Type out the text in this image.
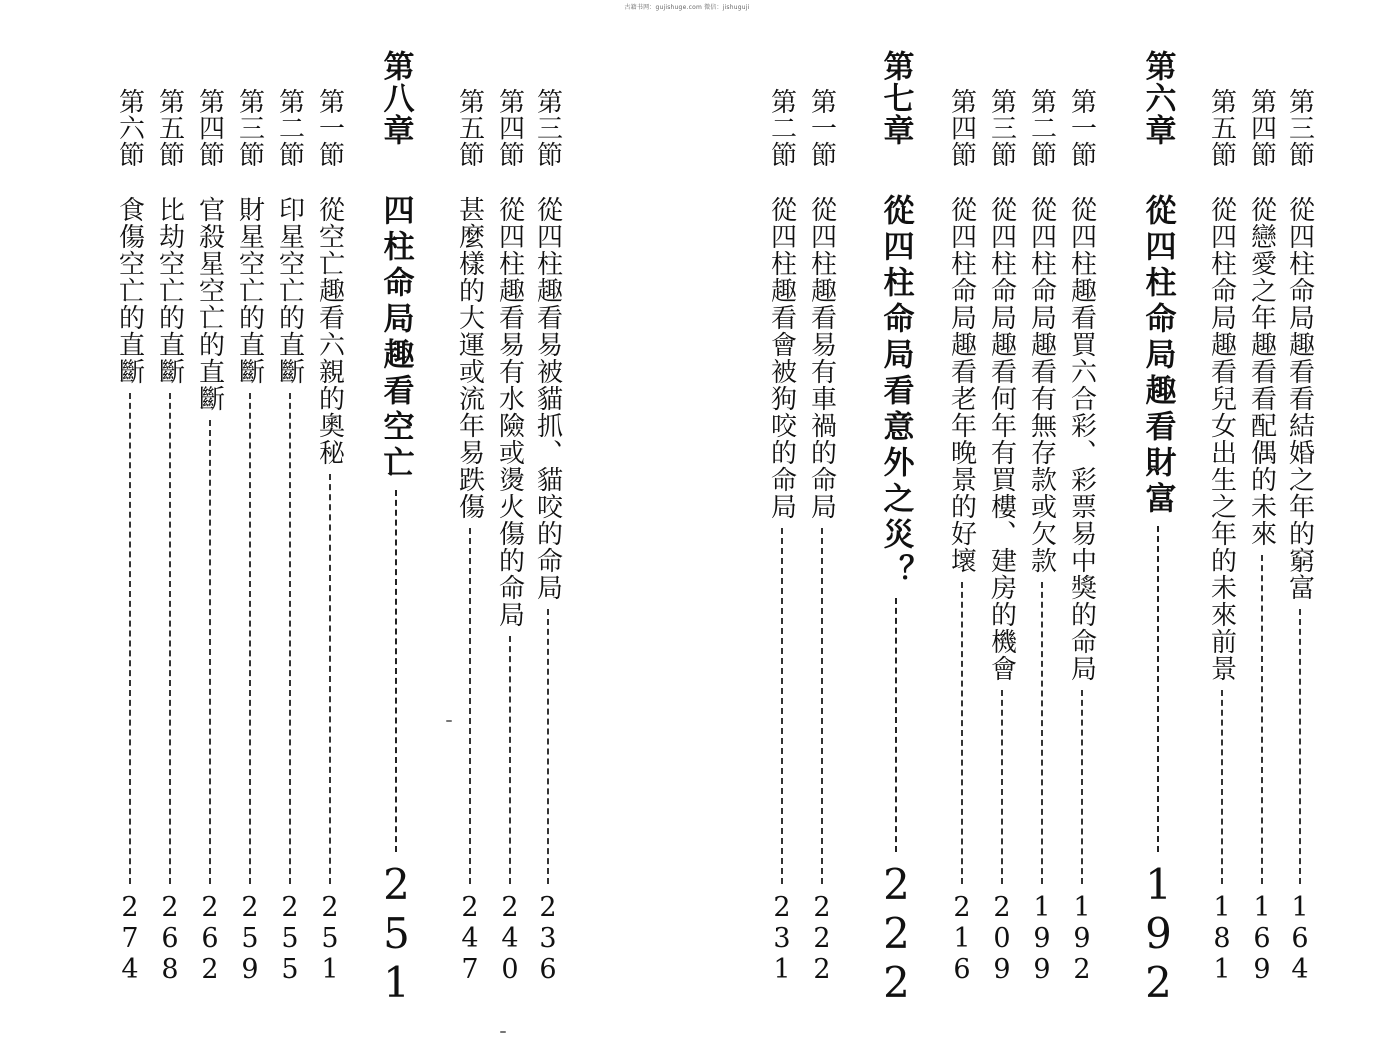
古籍书网：gujishuge.com 微信：jishuguji
第三節
從四柱命局趣看看結婚之年的窮富
164
第四節
從戀愛之年趣看看配偶的未來
169
第五節
從四柱命局趣看兒女出生之年的未來前景
181
第六章
從四柱命局趣看財富
192
第一節
從四柱趣看買六合彩、彩票易中獎的命局
192
第二節
從四柱命局趣看有無存款或欠款
199
第三節
從四柱命局趣看何年有買樓、建房的機會
209
第四節
從四柱命局趣看老年晚景的好壞
216
第七章
從四柱命局看意外之災？
222
第一節
從四柱趣看易有車禍的命局
222
第二節
從四柱趣看會被狗咬的命局
231
第三節
從四柱趣看易被貓抓、貓咬的命局
236
第四節
從四柱趣看易有水險或燙火傷的命局
240
第五節
甚麼樣的大運或流年易跌傷
247
第八章
四柱命局趣看空亡
251
第一節
從空亡趣看六親的奧秘
251
第二節
印星空亡的直斷
255
第三節
財星空亡的直斷
259
第四節
官殺星空亡的直斷
262
第五節
比劫空亡的直斷
268
第六節
食傷空亡的直斷
274
